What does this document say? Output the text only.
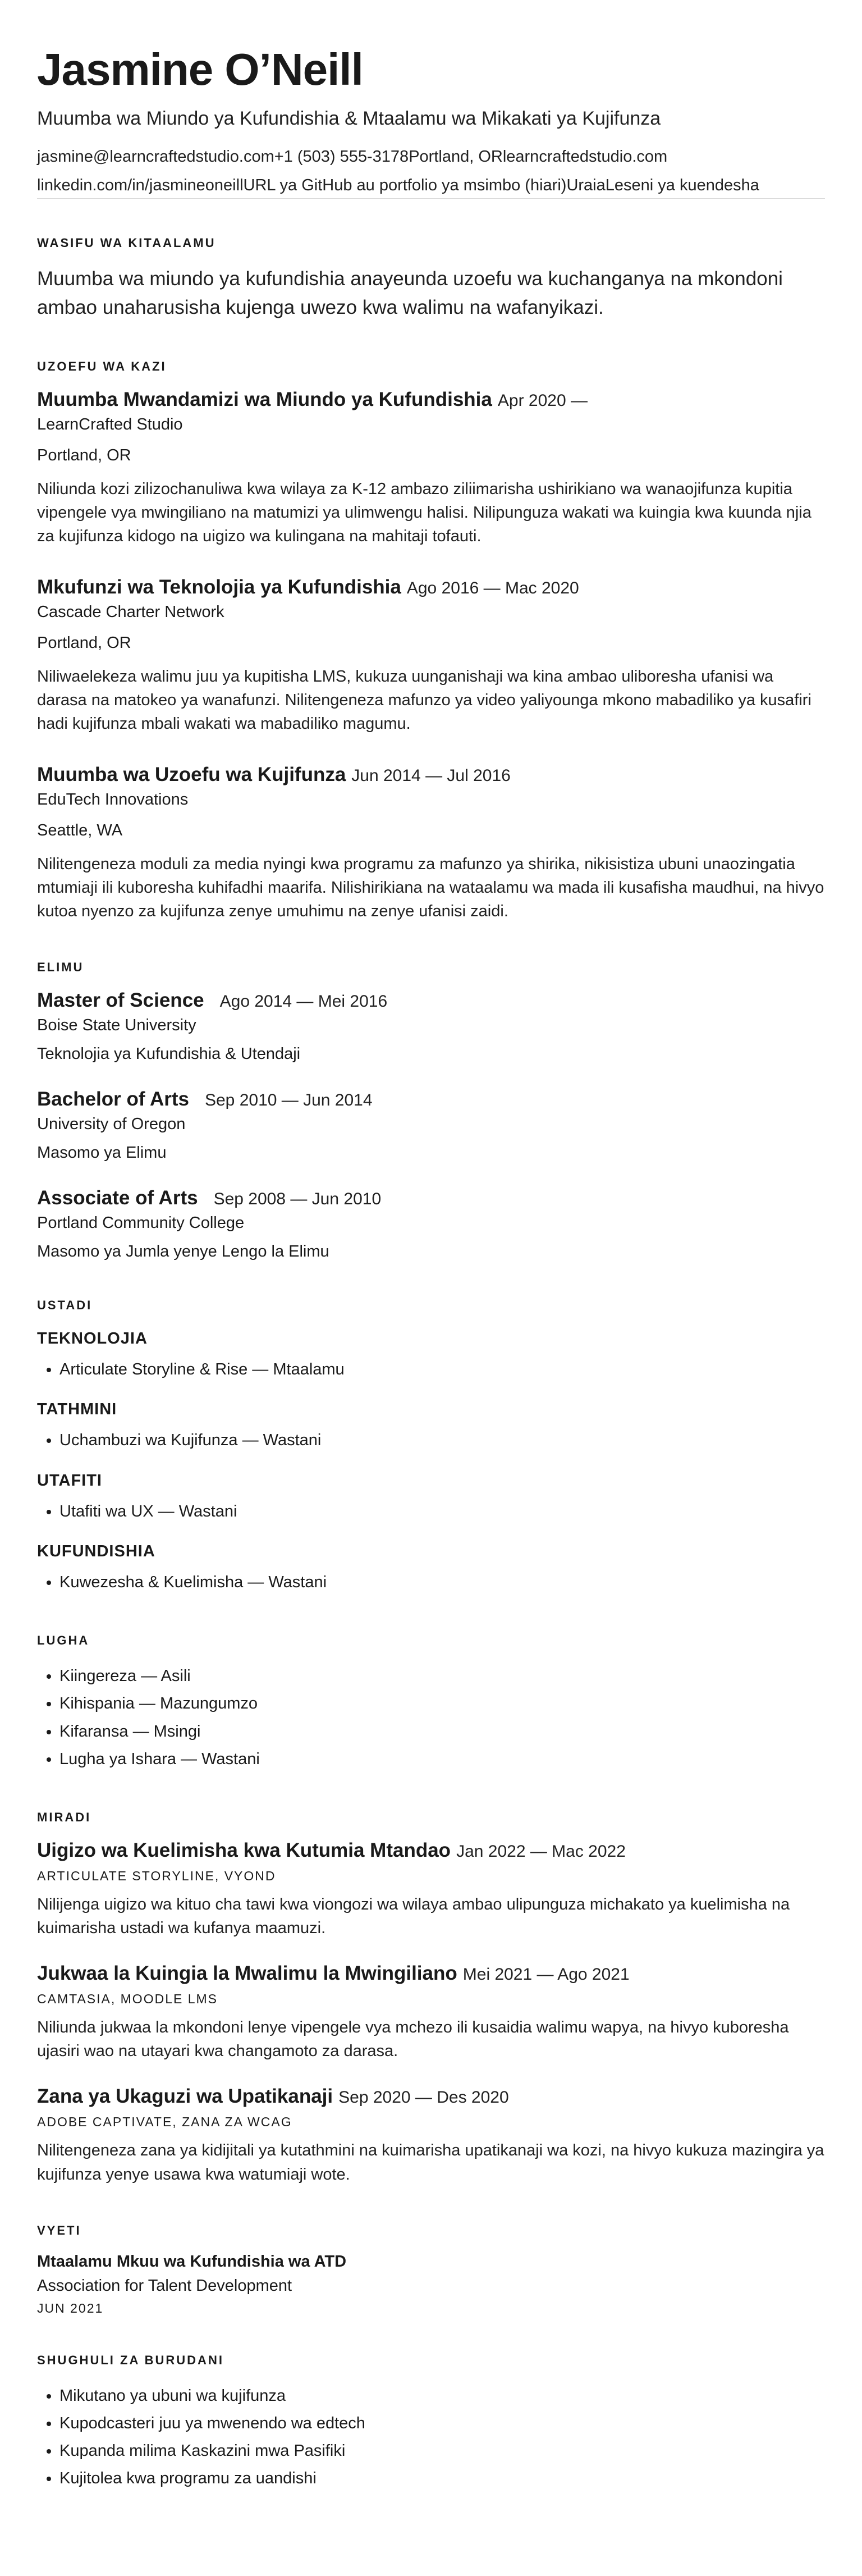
Jasmine O’Neill
Muumba wa Miundo ya Kufundishia & Mtaalamu wa Mikakati ya Kujifunza
jasmine@learncraftedstudio.com+1 (503) 555-3178Portland, ORlearncraftedstudio.com
linkedin.com/in/jasmineoneillURL ya GitHub au portfolio ya msimbo (hiari)UraiaLeseni ya kuendesha
WASIFU WA KITAALAMU
Muumba wa miundo ya kufundishia anayeunda uzoefu wa kuchanganya na mkondoni ambao unaharusisha kujenga uwezo kwa walimu na wafanyikazi.
UZOEFU WA KAZI
Muumba Mwandamizi wa Miundo ya Kufundishia Apr 2020 —
LearnCrafted Studio
Portland, OR
Niliunda kozi zilizochanuliwa kwa wilaya za K-12 ambazo ziliimarisha ushirikiano wa wanaojifunza kupitia vipengele vya mwingiliano na matumizi ya ulimwengu halisi. Nilipunguza wakati wa kuingia kwa kuunda njia za kujifunza kidogo na uigizo wa kulingana na mahitaji tofauti.
Mkufunzi wa Teknolojia ya Kufundishia Ago 2016 — Mac 2020
Cascade Charter Network
Portland, OR
Niliwaelekeza walimu juu ya kupitisha LMS, kukuza uunganishaji wa kina ambao uliboresha ufanisi wa darasa na matokeo ya wanafunzi. Nilitengeneza mafunzo ya video yaliyounga mkono mabadiliko ya kusafiri hadi kujifunza mbali wakati wa mabadiliko magumu.
Muumba wa Uzoefu wa Kujifunza Jun 2014 — Jul 2016
EduTech Innovations
Seattle, WA
Nilitengeneza moduli za media nyingi kwa programu za mafunzo ya shirika, nikisistiza ubuni unaozingatia mtumiaji ili kuboresha kuhifadhi maarifa. Nilishirikiana na wataalamu wa mada ili kusafisha maudhui, na hivyo kutoa nyenzo za kujifunza zenye umuhimu na zenye ufanisi zaidi.
ELIMU
Master of Science Ago 2014 — Mei 2016
Boise State University
Teknolojia ya Kufundishia & Utendaji
Bachelor of Arts Sep 2010 — Jun 2014
University of Oregon
Masomo ya Elimu
Associate of Arts Sep 2008 — Jun 2010
Portland Community College
Masomo ya Jumla yenye Lengo la Elimu
USTADI
TEKNOLOJIA
• Articulate Storyline & Rise — Mtaalamu
TATHMINI
• Uchambuzi wa Kujifunza — Wastani
UTAFITI
• Utafiti wa UX — Wastani
KUFUNDISHIA
• Kuwezesha & Kuelimisha — Wastani
LUGHA
• Kiingereza — Asili
• Kihispania — Mazungumzo
• Kifaransa — Msingi
• Lugha ya Ishara — Wastani
MIRADI
Uigizo wa Kuelimisha kwa Kutumia Mtandao Jan 2022 — Mac 2022
ARTICULATE STORYLINE, VYOND
Nilijenga uigizo wa kituo cha tawi kwa viongozi wa wilaya ambao ulipunguza michakato ya kuelimisha na kuimarisha ustadi wa kufanya maamuzi.
Jukwaa la Kuingia la Mwalimu la Mwingiliano Mei 2021 — Ago 2021
CAMTASIA, MOODLE LMS
Niliunda jukwaa la mkondoni lenye vipengele vya mchezo ili kusaidia walimu wapya, na hivyo kuboresha ujasiri wao na utayari kwa changamoto za darasa.
Zana ya Ukaguzi wa Upatikanaji Sep 2020 — Des 2020
ADOBE CAPTIVATE, ZANA ZA WCAG
Nilitengeneza zana ya kidijitali ya kutathmini na kuimarisha upatikanaji wa kozi, na hivyo kukuza mazingira ya kujifunza yenye usawa kwa watumiaji wote.
VYETI
Mtaalamu Mkuu wa Kufundishia wa ATD
Association for Talent Development
JUN 2021
SHUGHULI ZA BURUDANI
• Mikutano ya ubuni wa kujifunza
• Kupodcasteri juu ya mwenendo wa edtech
• Kupanda milima Kaskazini mwa Pasifiki
• Kujitolea kwa programu za uandishi
